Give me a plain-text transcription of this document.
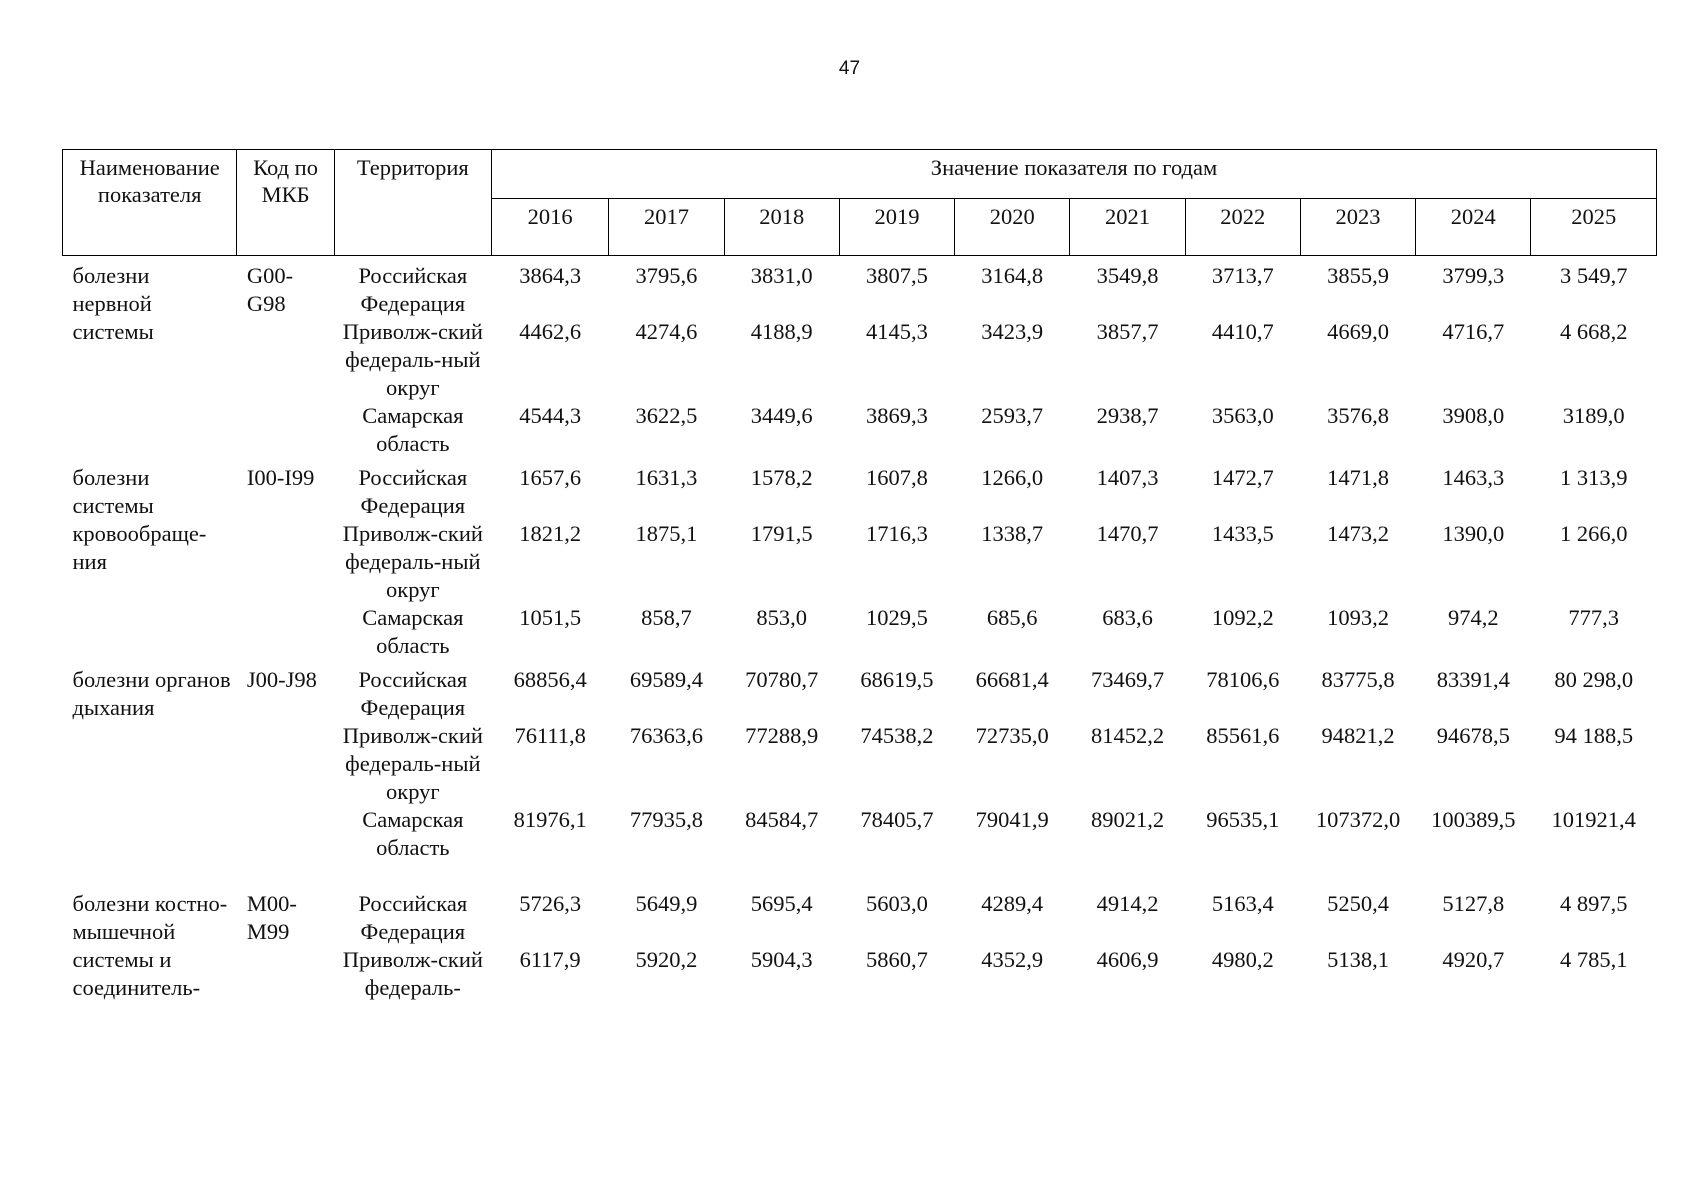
47
Наименование показателя	Код по МКБ	Территория	Значение показателя по годам									
			2016	2017	2018	2019	2020	2021	2022	2023	2024	2025
болезни нервной системы	G00-G98	Российская Федерация	3864,3	3795,6	3831,0	3807,5	3164,8	3549,8	3713,7	3855,9	3799,3	3 549,7
		Приволж-ский федераль-ный округ	4462,6	4274,6	4188,9	4145,3	3423,9	3857,7	4410,7	4669,0	4716,7	4 668,2
		Самарская область	4544,3	3622,5	3449,6	3869,3	2593,7	2938,7	3563,0	3576,8	3908,0	3189,0
болезни системы кровообраще-ния	I00-I99	Российская Федерация	1657,6	1631,3	1578,2	1607,8	1266,0	1407,3	1472,7	1471,8	1463,3	1 313,9
		Приволж-ский федераль-ный округ	1821,2	1875,1	1791,5	1716,3	1338,7	1470,7	1433,5	1473,2	1390,0	1 266,0
		Самарская область	1051,5	858,7	853,0	1029,5	685,6	683,6	1092,2	1093,2	974,2	777,3
болезни органов дыхания	J00-J98	Российская Федерация	68856,4	69589,4	70780,7	68619,5	66681,4	73469,7	78106,6	83775,8	83391,4	80 298,0
		Приволж-ский федераль-ный округ	76111,8	76363,6	77288,9	74538,2	72735,0	81452,2	85561,6	94821,2	94678,5	94 188,5
		Самарская область	81976,1	77935,8	84584,7	78405,7	79041,9	89021,2	96535,1	107372,0	100389,5	101921,4
болезни костно-мышечной системы и соединитель-	M00-M99	Российская Федерация	5726,3	5649,9	5695,4	5603,0	4289,4	4914,2	5163,4	5250,4	5127,8	4 897,5
		Приволж-ский федераль-	6117,9	5920,2	5904,3	5860,7	4352,9	4606,9	4980,2	5138,1	4920,7	4 785,1
